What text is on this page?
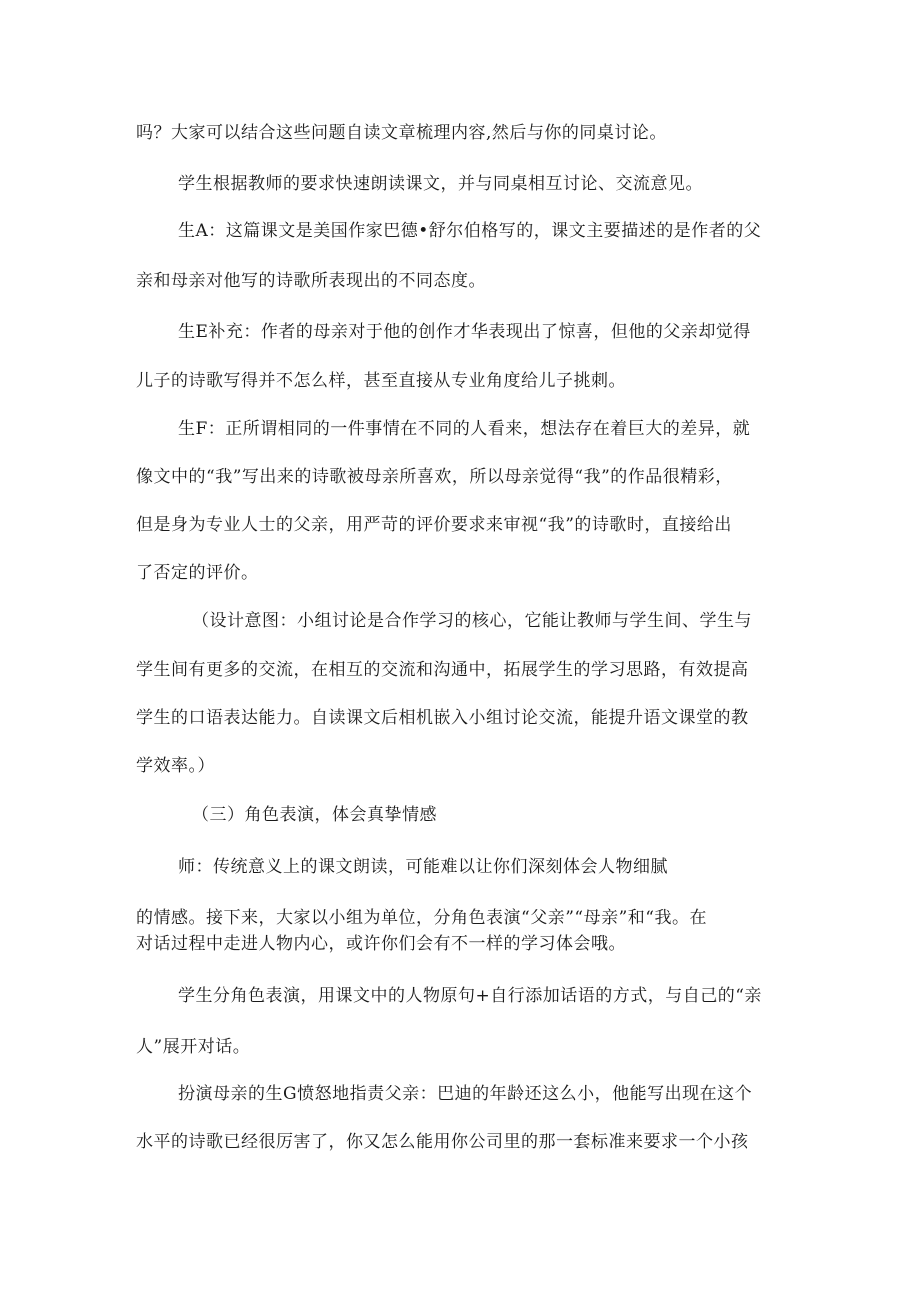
吗？大家可以结合这些问题自读文章梳理内容,然后与你的同桌讨论。

学生根据教师的要求快速朗读课文，并与同桌相互讨论、交流意见。

生A：这篇课文是美国作家巴德•舒尔伯格写的，课文主要描述的是作者的父

亲和母亲对他写的诗歌所表现出的不同态度。

生E补充：作者的母亲对于他的创作才华表现出了惊喜，但他的父亲却觉得

儿子的诗歌写得并不怎么样，甚至直接从专业角度给儿子挑刺。

生F：正所谓相同的一件事情在不同的人看来，想法存在着巨大的差异，就

像文中的“我”写出来的诗歌被母亲所喜欢，所以母亲觉得“我”的作品很精彩，

但是身为专业人士的父亲，用严苛的评价要求来审视“我”的诗歌时，直接给出

了否定的评价。

（设计意图：小组讨论是合作学习的核心，它能让教师与学生间、学生与

学生间有更多的交流，在相互的交流和沟通中，拓展学生的学习思路，有效提高

学生的口语表达能力。自读课文后相机嵌入小组讨论交流，能提升语文课堂的教

学效率。）

（三）角色表演，体会真挚情感

师：传统意义上的课文朗读，可能难以让你们深刻体会人物细腻

的情感。接下来，大家以小组为单位，分角色表演“父亲”“母亲”和“我。在

对话过程中走进人物内心，或许你们会有不一样的学习体会哦。

学生分角色表演，用课文中的人物原句+自行添加话语的方式，与自己的“亲

人”展开对话。

扮演母亲的生G愤怒地指责父亲：巴迪的年龄还这么小，他能写出现在这个

水平的诗歌已经很厉害了，你又怎么能用你公司里的那一套标准来要求一个小孩
